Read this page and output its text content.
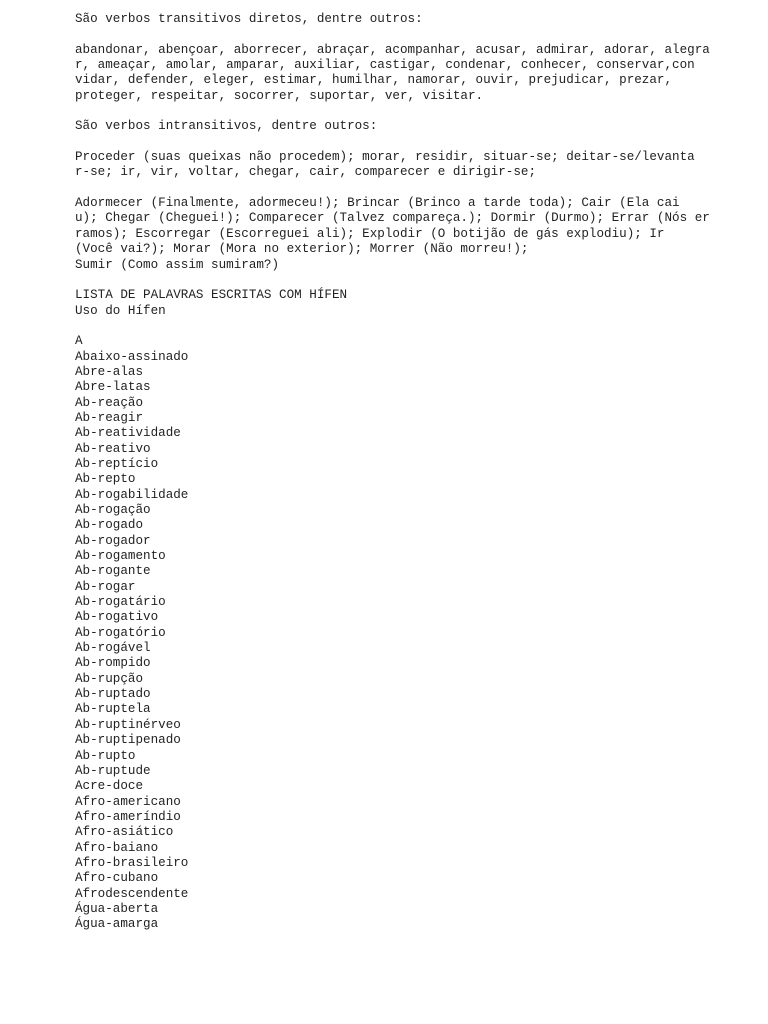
São verbos transitivos diretos, dentre outros:
abandonar, abençoar, aborrecer, abraçar, acompanhar, acusar, admirar, adorar, alegra
r, ameaçar, amolar, amparar, auxiliar, castigar, condenar, conhecer, conservar,con
vidar, defender, eleger, estimar, humilhar, namorar, ouvir, prejudicar, prezar,
proteger, respeitar, socorrer, suportar, ver, visitar.
São verbos intransitivos, dentre outros:
Proceder (suas queixas não procedem); morar, residir, situar-se; deitar-se/levanta
r-se; ir, vir, voltar, chegar, cair, comparecer e dirigir-se;
Adormecer (Finalmente, adormeceu!); Brincar (Brinco a tarde toda); Cair (Ela cai
u); Chegar (Cheguei!); Comparecer (Talvez compareça.); Dormir (Durmo); Errar (Nós er
ramos); Escorregar (Escorreguei ali); Explodir (O botijão de gás explodiu); Ir
(Você vai?); Morar (Mora no exterior); Morrer (Não morreu!);
Sumir (Como assim sumiram?)
LISTA DE PALAVRAS ESCRITAS COM HÍFEN
Uso do Hífen
A
Abaixo-assinado
Abre-alas
Abre-latas
Ab-reação
Ab-reagir
Ab-reatividade
Ab-reativo
Ab-reptício
Ab-repto
Ab-rogabilidade
Ab-rogação
Ab-rogado
Ab-rogador
Ab-rogamento
Ab-rogante
Ab-rogar
Ab-rogatário
Ab-rogativo
Ab-rogatório
Ab-rogável
Ab-rompido
Ab-rupção
Ab-ruptado
Ab-ruptela
Ab-ruptinérveo
Ab-ruptipenado
Ab-rupto
Ab-ruptude
Acre-doce
Afro-americano
Afro-ameríndio
Afro-asiático
Afro-baiano
Afro-brasileiro
Afro-cubano
Afrodescendente
Água-aberta
Água-amarga
